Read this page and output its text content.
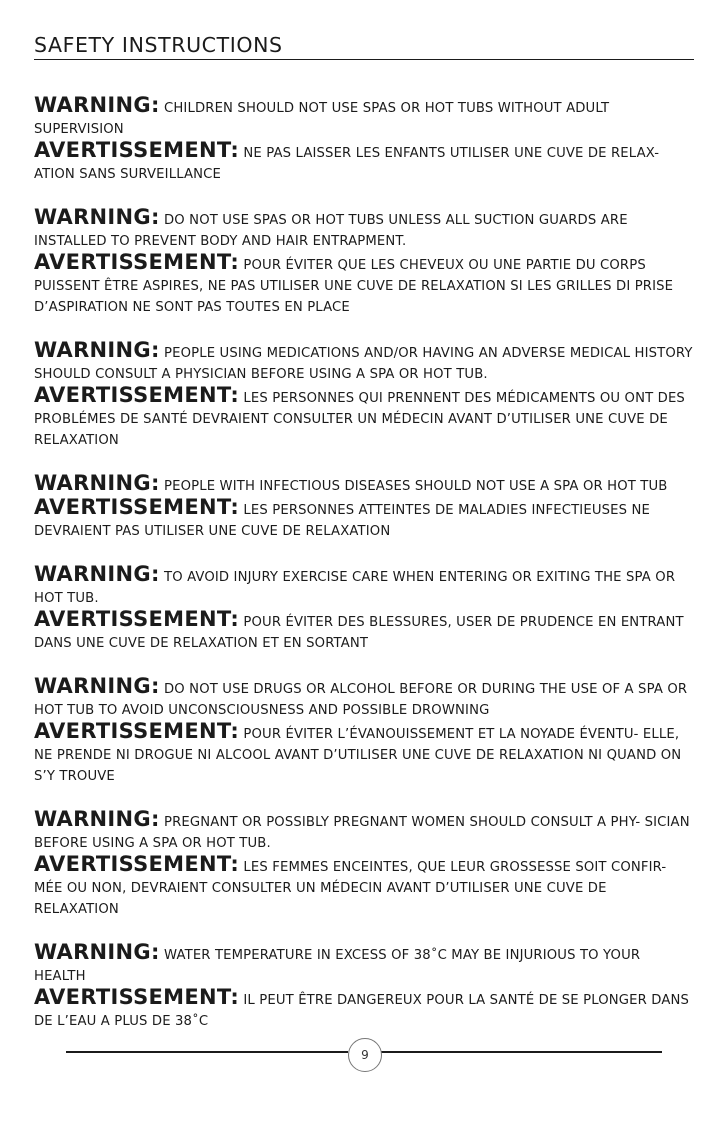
SAFETY INSTRUCTIONS

WARNING: CHILDREN SHOULD NOT USE SPAS OR HOT TUBS WITHOUT ADULT SUPERVISION

AVERTISSEMENT: NE PAS LAISSER LES ENFANTS UTILISER UNE CUVE DE RELAX- ATION SANS SURVEILLANCE

WARNING: DO NOT USE SPAS OR HOT TUBS UNLESS ALL SUCTION GUARDS ARE INSTALLED TO PREVENT BODY AND HAIR ENTRAPMENT.

AVERTISSEMENT: POUR ÉVITER QUE LES CHEVEUX OU UNE PARTIE DU CORPS PUISSENT ÊTRE ASPIRES, NE PAS UTILISER UNE CUVE DE RELAXATION SI LES GRILLES DI PRISE D’ASPIRATION NE SONT PAS TOUTES EN PLACE

WARNING: PEOPLE USING MEDICATIONS AND/OR HAVING AN ADVERSE MEDICAL HISTORY SHOULD CONSULT A PHYSICIAN BEFORE USING A SPA OR HOT TUB.

AVERTISSEMENT: LES PERSONNES QUI PRENNENT DES MÉDICAMENTS OU ONT DES PROBLÉMES DE SANTÉ DEVRAIENT CONSULTER UN MÉDECIN AVANT D’UTILISER UNE CUVE DE RELAXATION

WARNING: PEOPLE WITH INFECTIOUS DISEASES SHOULD NOT USE A SPA OR HOT TUB

AVERTISSEMENT: LES PERSONNES ATTEINTES DE MALADIES INFECTIEUSES NE DEVRAIENT PAS UTILISER UNE CUVE DE RELAXATION

WARNING: TO AVOID INJURY EXERCISE CARE WHEN ENTERING OR EXITING THE SPA OR HOT TUB.

AVERTISSEMENT: POUR ÉVITER DES BLESSURES, USER DE PRUDENCE EN ENTRANT DANS UNE CUVE DE RELAXATION ET EN SORTANT

WARNING: DO NOT USE DRUGS OR ALCOHOL BEFORE OR DURING THE USE OF A SPA OR HOT TUB TO AVOID UNCONSCIOUSNESS AND POSSIBLE DROWNING

AVERTISSEMENT: POUR ÉVITER L’ÉVANOUISSEMENT ET LA NOYADE ÉVENTU- ELLE, NE PRENDE NI DROGUE NI ALCOOL AVANT D’UTILISER UNE CUVE DE RELAXATION NI QUAND ON S’Y TROUVE

WARNING: PREGNANT OR POSSIBLY PREGNANT WOMEN SHOULD CONSULT A PHY- SICIAN BEFORE USING A SPA OR HOT TUB.

AVERTISSEMENT: LES FEMMES ENCEINTES, QUE LEUR GROSSESSE SOIT CONFIR- MÉE OU NON, DEVRAIENT CONSULTER UN MÉDECIN AVANT D’UTILISER UNE CUVE DE RELAXATION

WARNING: WATER TEMPERATURE IN EXCESS OF 38˚C MAY BE INJURIOUS TO YOUR HEALTH

AVERTISSEMENT: IL PEUT ÊTRE DANGEREUX POUR LA SANTÉ DE SE PLONGER DANS DE L’EAU A PLUS DE 38˚C

9
